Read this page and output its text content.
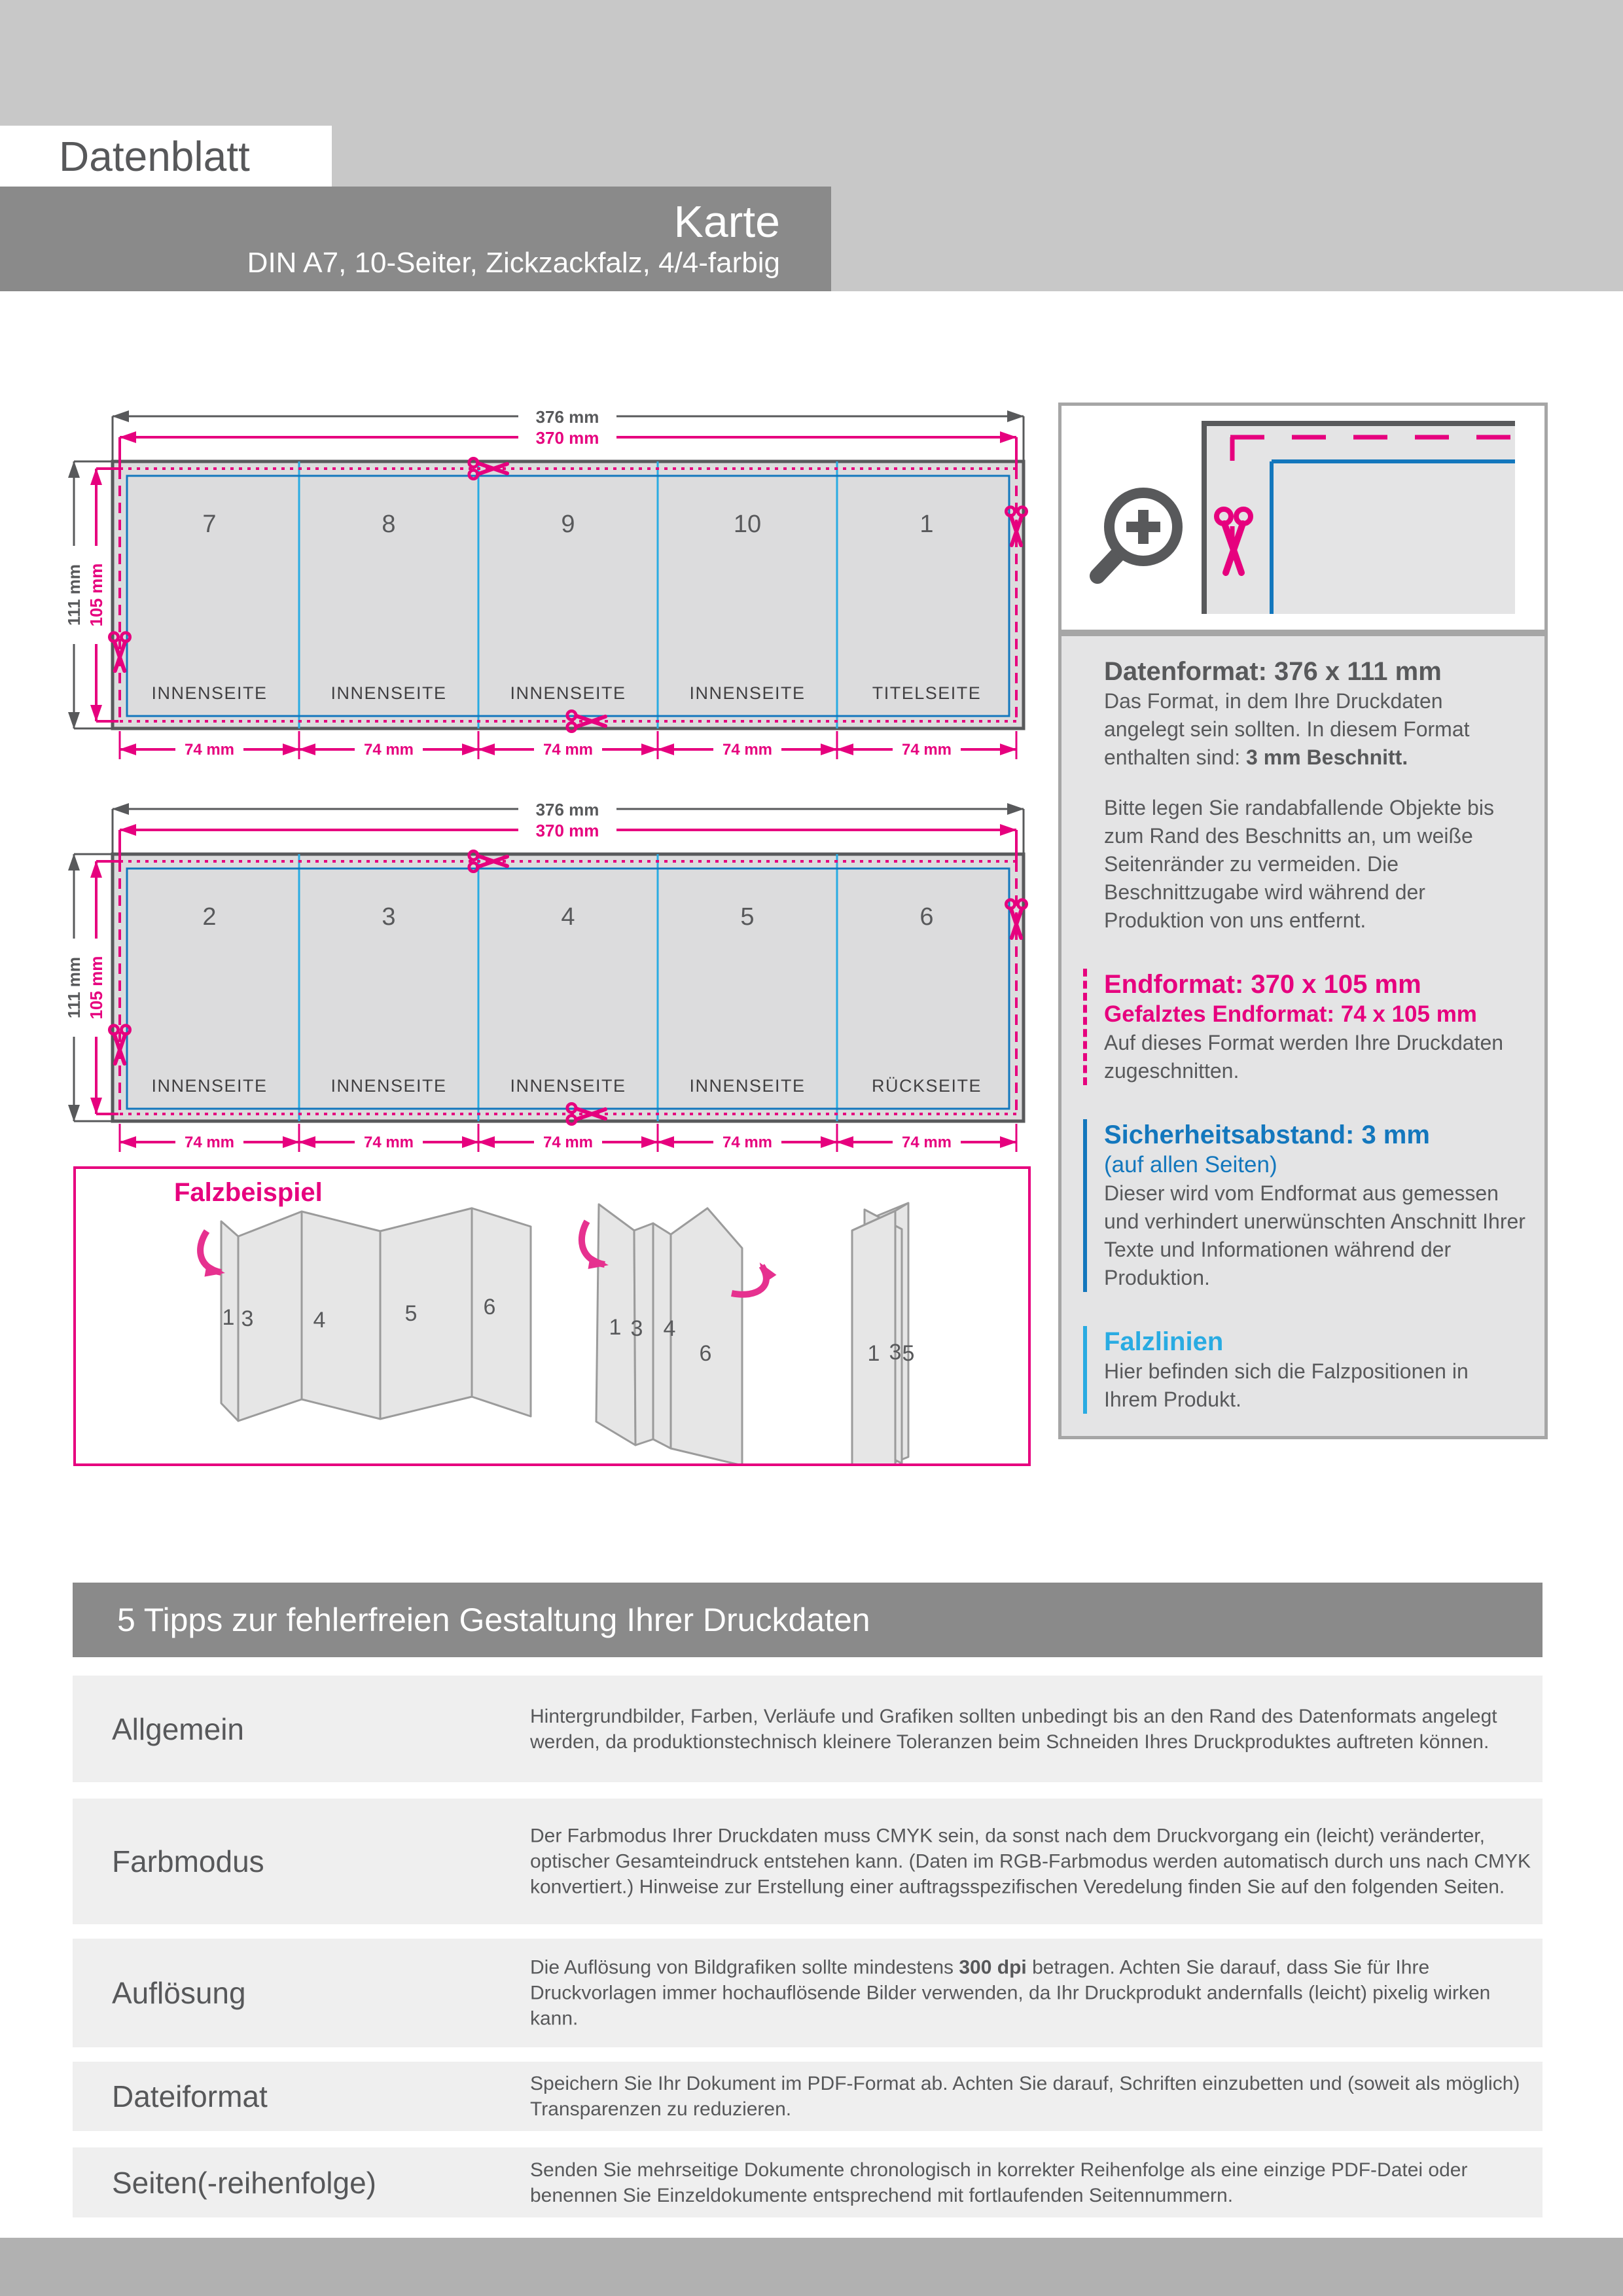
Datenblatt
Karte
DIN A7, 10-Seiter, Zickzackfalz, 4/4-farbig
376 mm
370 mm
111 mm 105 mm
7	8	9	10	1
INNENSEITE	INNENSEITE	INNENSEITE	INNENSEITE	TITELSEITE
74 mm	74 mm	74 mm	74 mm	74 mm
376 mm
370 mm
111 mm 105 mm
2	3	4	5	6
INNENSEITE	INNENSEITE	INNENSEITE	INNENSEITE	RÜCKSEITE
74 mm	74 mm	74 mm	74 mm	74 mm
Falzbeispiel
1 3	4	5	6
1 3 4
6	1 3 5
Datenformat: 376 x 111 mm
Das Format, in dem Ihre Druckdaten angelegt sein sollten. In diesem Format enthalten sind: 3 mm Beschnitt.
Bitte legen Sie randabfallende Objekte bis zum Rand des Beschnitts an, um weiße Seitenränder zu vermeiden. Die Beschnittzugabe wird während der Produktion von uns entfernt.
Endformat: 370 x 105 mm
Gefalztes Endformat: 74 x 105 mm
Auf dieses Format werden Ihre Druckdaten zugeschnitten.
Sicherheitsabstand: 3 mm
(auf allen Seiten)
Dieser wird vom Endformat aus gemessen und verhindert unerwünschten Anschnitt Ihrer Texte und Informationen während der Produktion.
Falzlinien
Hier befinden sich die Falzpositionen in Ihrem Produkt.
5 Tipps zur fehlerfreien Gestaltung Ihrer Druckdaten
Allgemein	Hintergrundbilder, Farben, Verläufe und Grafiken sollten unbedingt bis an den Rand des Datenformats angelegt werden, da produktionstechnisch kleinere Toleranzen beim Schneiden Ihres Druckproduktes auftreten können.
Farbmodus
Der Farbmodus Ihrer Druckdaten muss CMYK sein, da sonst nach dem Druckvorgang ein (leicht) veränderter, optischer Gesamteindruck entstehen kann. (Daten im RGB-Farbmodus werden automatisch durch uns nach CMYK konvertiert.) Hinweise zur Erstellung einer auftragsspezifischen Veredelung finden Sie auf den folgenden Seiten.
Auflösung
Die Auflösung von Bildgrafiken sollte mindestens 300 dpi betragen. Achten Sie darauf, dass Sie für Ihre Druckvorlagen immer hochauflösende Bilder verwenden, da Ihr Druckprodukt andernfalls (leicht) pixelig wirken kann.
Dateiformat	Speichern Sie Ihr Dokument im PDF-Format ab. Achten Sie darauf, Schriften einzubetten und (soweit als möglich) Transparenzen zu reduzieren.
Seiten(-reihenfolge)	Senden Sie mehrseitige Dokumente chronologisch in korrekter Reihenfolge als eine einzige PDF-Datei oder benennen Sie Einzeldokumente entsprechend mit fortlaufenden Seitennummern.
